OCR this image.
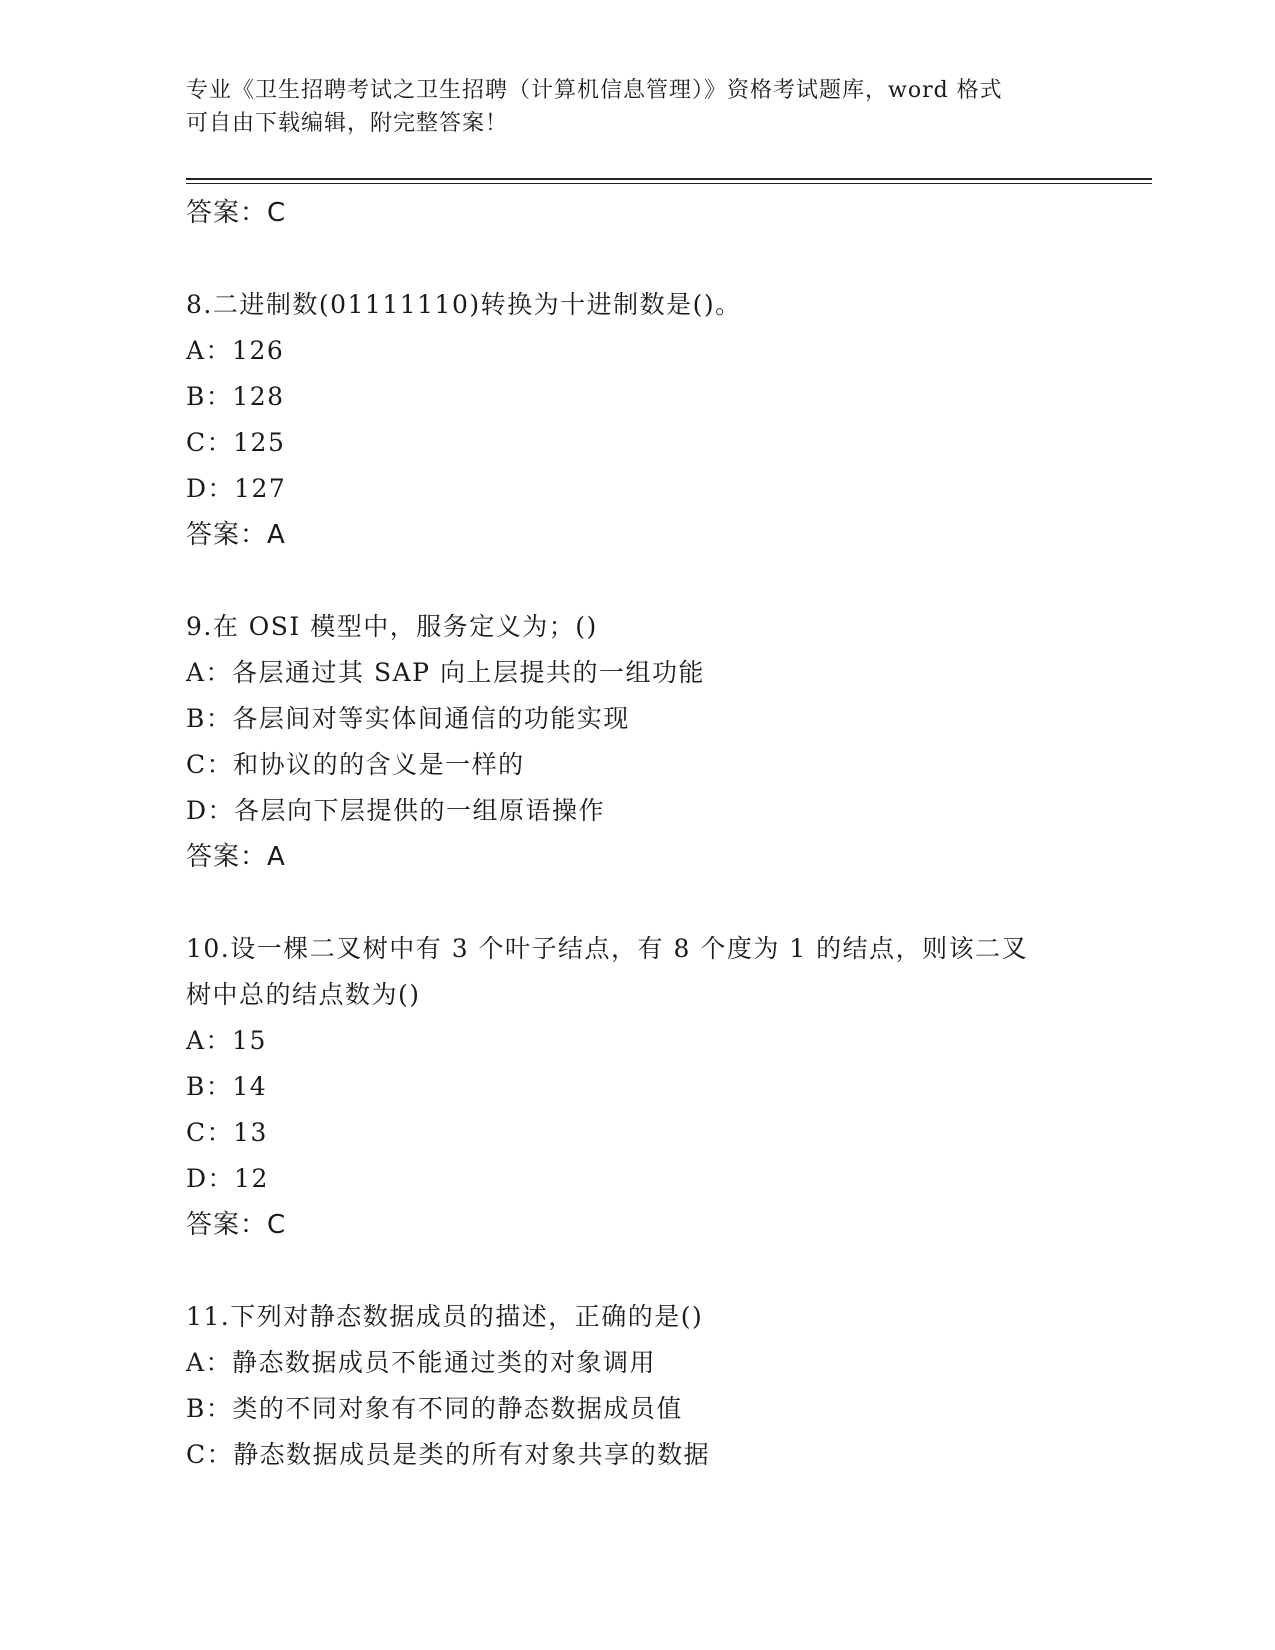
专业《卫生招聘考试之卫生招聘（计算机信息管理）》资格考试题库，word 格式
可自由下载编辑，附完整答案！
答案：C
8.二进制数(01111110)转换为十进制数是()。
A：126
B：128
C：125
D：127
答案：A
9.在 OSI 模型中，服务定义为；()
A：各层通过其 SAP 向上层提共的一组功能
B：各层间对等实体间通信的功能实现
C：和协议的的含义是一样的
D：各层向下层提供的一组原语操作
答案：A
10.设一棵二叉树中有 3 个叶子结点，有 8 个度为 1 的结点，则该二叉
树中总的结点数为()
A：15
B：14
C：13
D：12
答案：C
11.下列对静态数据成员的描述，正确的是()
A：静态数据成员不能通过类的对象调用
B：类的不同对象有不同的静态数据成员值
C：静态数据成员是类的所有对象共享的数据
